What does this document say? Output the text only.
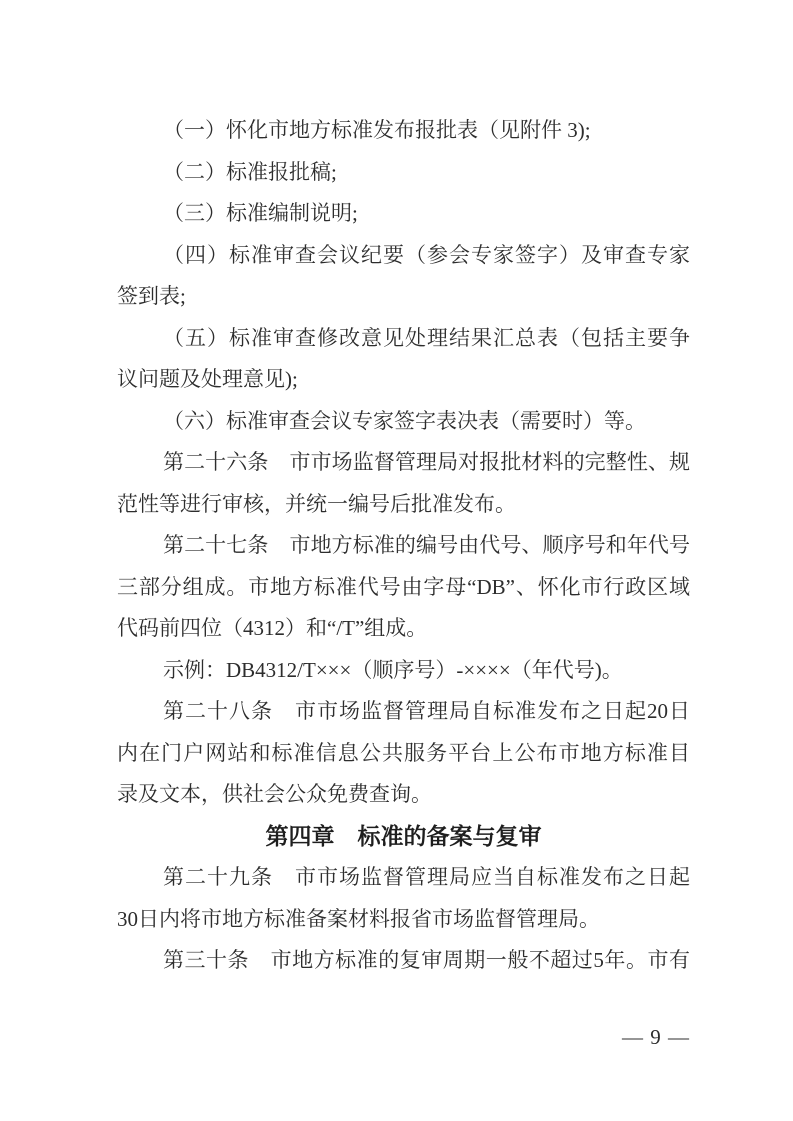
（一）怀化市地方标准发布报批表（见附件 3);
（二）标准报批稿;
（三）标准编制说明;
（四）标准审查会议纪要（参会专家签字）及审查专家
签到表;
（五）标准审查修改意见处理结果汇总表（包括主要争
议问题及处理意见);
（六）标准审查会议专家签字表决表（需要时）等。
第二十六条　市市场监督管理局对报批材料的完整性、规
范性等进行审核，并统一编号后批准发布。
第二十七条　市地方标准的编号由代号、顺序号和年代号
三部分组成。市地方标准代号由字母“DB”、怀化市行政区域
代码前四位（4312）和“/T”组成。
示例：DB4312/T×××（顺序号）-××××（年代号)。
第二十八条　市市场监督管理局自标准发布之日起20日
内在门户网站和标准信息公共服务平台上公布市地方标准目
录及文本，供社会公众免费查询。
第四章　标准的备案与复审
第二十九条　市市场监督管理局应当自标准发布之日起
30日内将市地方标准备案材料报省市场监督管理局。
第三十条　市地方标准的复审周期一般不超过5年。市有
— 9 —
